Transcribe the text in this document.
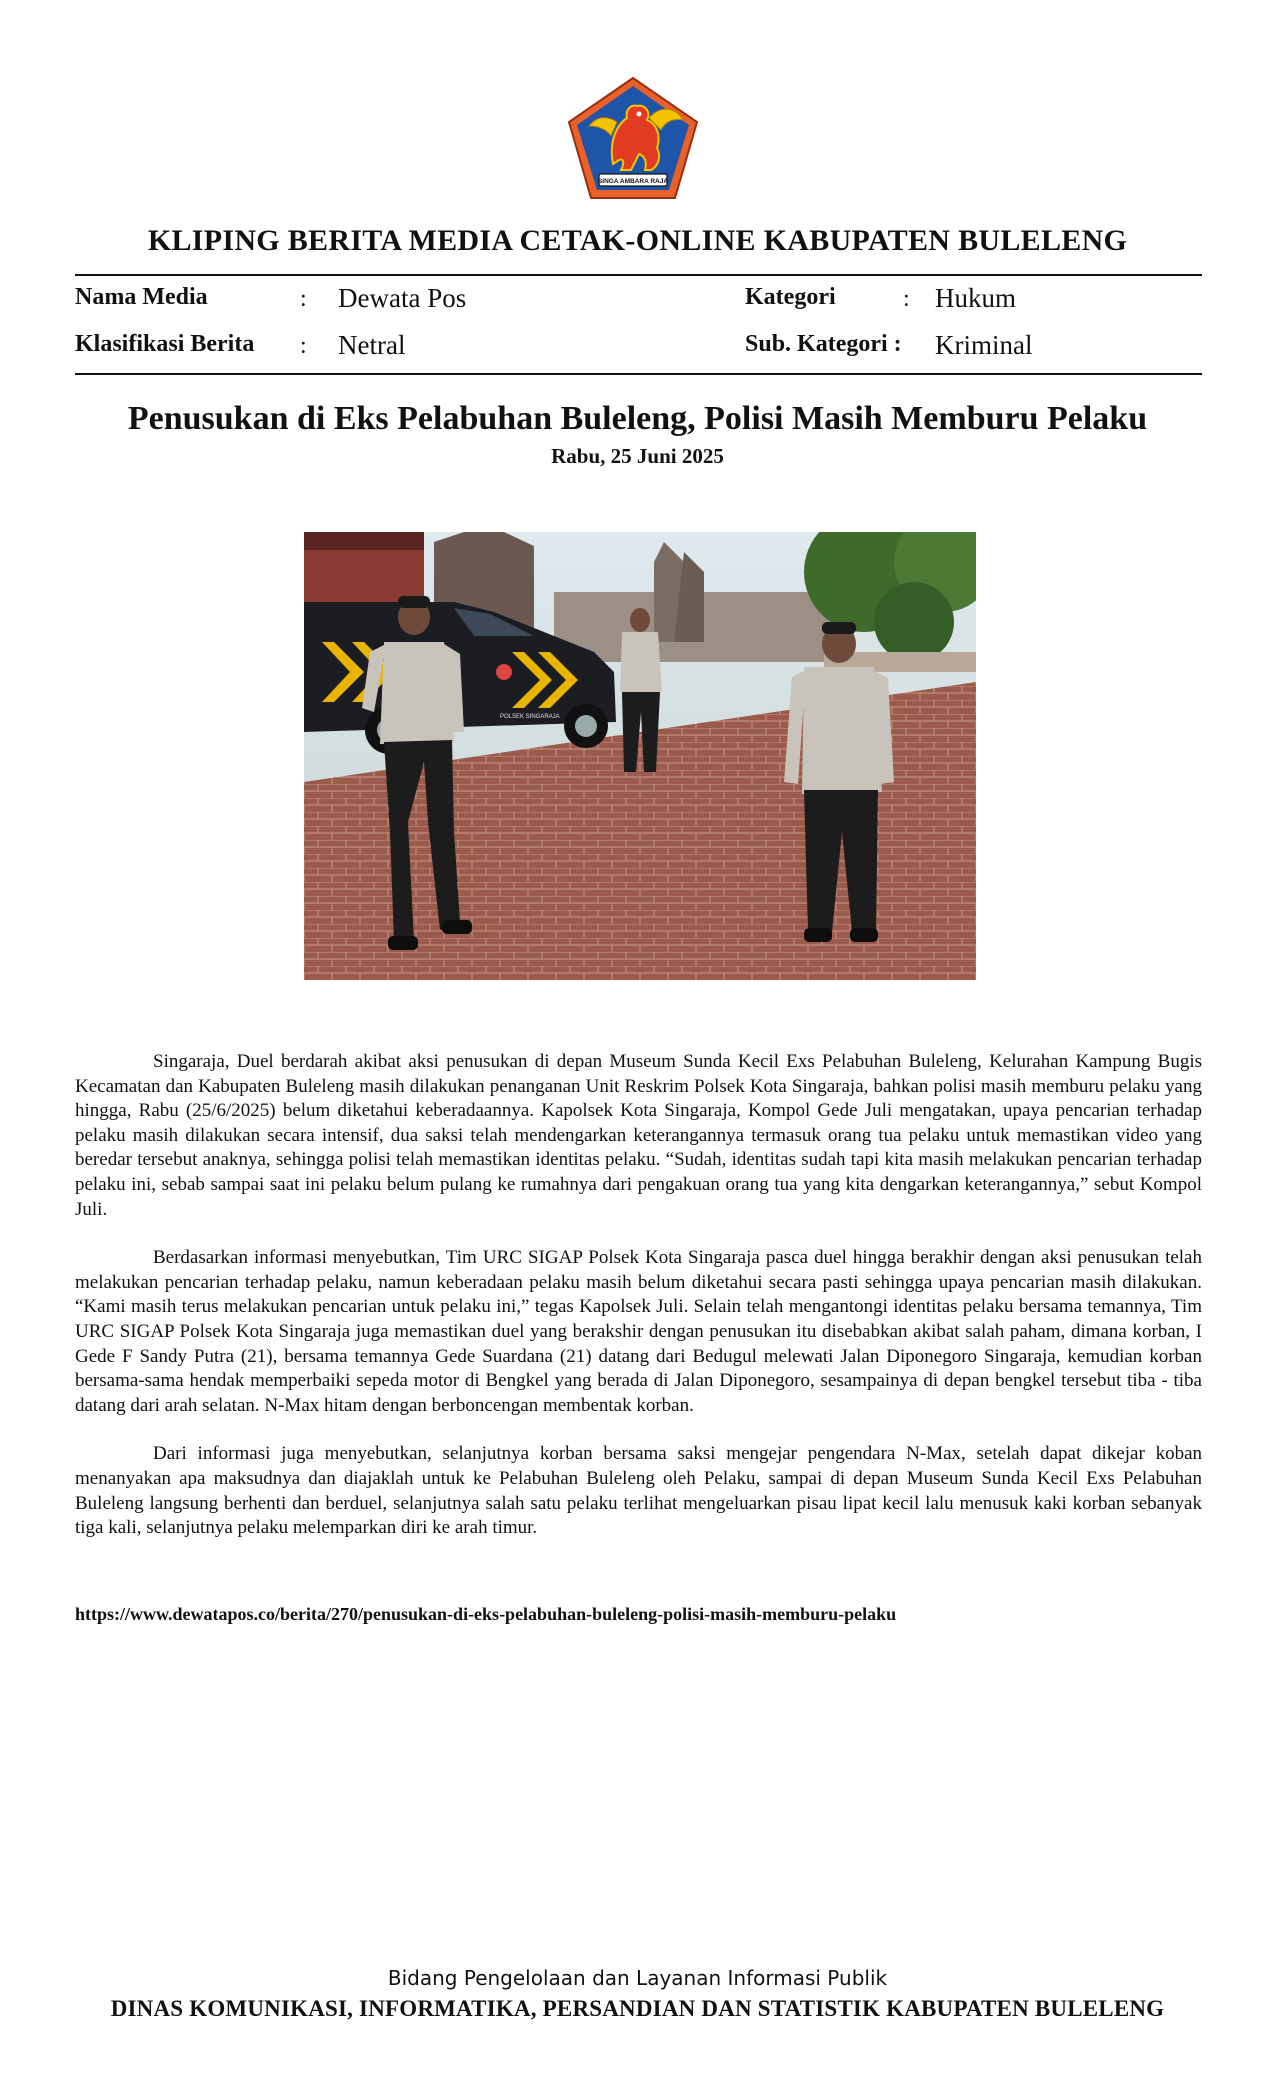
SINGA AMBARA RAJA
KLIPING BERITA MEDIA CETAK-ONLINE KABUPATEN BULELENG
Nama Media	: Dewata Pos	Kategori	: Hukum
Klasifikasi Berita : Netral	Sub. Kategori : Kriminal
Penusukan di Eks Pelabuhan Buleleng, Polisi Masih Memburu Pelaku
Rabu, 25 Juni 2025
POLSEK SINGARAJA

Singaraja, Duel berdarah akibat aksi penusukan di depan Museum Sunda Kecil Exs Pelabuhan Buleleng, Kelurahan Kampung Bugis Kecamatan dan Kabupaten Buleleng masih dilakukan penanganan Unit Reskrim Polsek Kota Singaraja, bahkan polisi masih memburu pelaku yang hingga, Rabu (25/6/2025) belum diketahui keberadaannya. Kapolsek Kota Singaraja, Kompol Gede Juli mengatakan, upaya pencarian terhadap pelaku masih dilakukan secara intensif, dua saksi telah mendengarkan keterangannya termasuk orang tua pelaku untuk memastikan video yang beredar tersebut anaknya, sehingga polisi telah memastikan identitas pelaku. “Sudah, identitas sudah tapi kita masih melakukan pencarian terhadap pelaku ini, sebab sampai saat ini pelaku belum pulang ke rumahnya dari pengakuan orang tua yang kita dengarkan keterangannya,” sebut Kompol Juli.

Berdasarkan informasi menyebutkan, Tim URC SIGAP Polsek Kota Singaraja pasca duel hingga berakhir dengan aksi penusukan telah melakukan pencarian terhadap pelaku, namun keberadaan pelaku masih belum diketahui secara pasti sehingga upaya pencarian masih dilakukan. “Kami masih terus melakukan pencarian untuk pelaku ini,” tegas Kapolsek Juli. Selain telah mengantongi identitas pelaku bersama temannya, Tim URC SIGAP Polsek Kota Singaraja juga memastikan duel yang berakshir dengan penusukan itu disebabkan akibat salah paham, dimana korban, I Gede F Sandy Putra (21), bersama temannya Gede Suardana (21) datang dari Bedugul melewati Jalan Diponegoro Singaraja, kemudian korban bersama-sama hendak memperbaiki sepeda motor di Bengkel yang berada di Jalan Diponegoro, sesampainya di depan bengkel tersebut tiba - tiba datang dari arah selatan. N-Max hitam dengan berboncengan membentak korban.

Dari informasi juga menyebutkan, selanjutnya korban bersama saksi mengejar pengendara N-Max, setelah dapat dikejar koban menanyakan apa maksudnya dan diajaklah untuk ke Pelabuhan Buleleng oleh Pelaku, sampai di depan Museum Sunda Kecil Exs Pelabuhan Buleleng langsung berhenti dan berduel, selanjutnya salah satu pelaku terlihat mengeluarkan pisau lipat kecil lalu menusuk kaki korban sebanyak tiga kali, selanjutnya pelaku melemparkan diri ke arah timur.

https://www.dewatapos.co/berita/270/penusukan-di-eks-pelabuhan-buleleng-polisi-masih-memburu-pelaku
Bidang Pengelolaan dan Layanan Informasi Publik
DINAS KOMUNIKASI, INFORMATIKA, PERSANDIAN DAN STATISTIK KABUPATEN BULELENG
